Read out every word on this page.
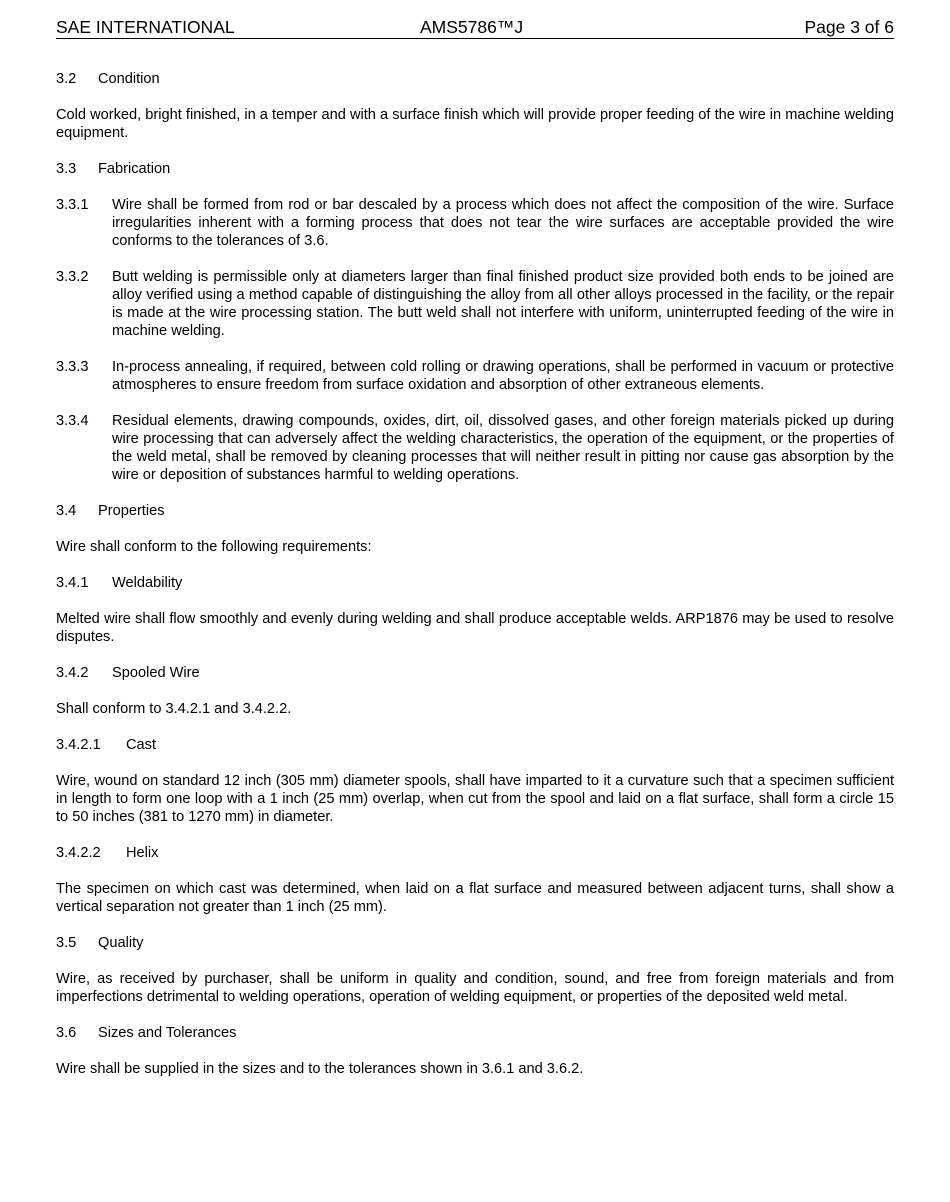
SAE INTERNATIONAL	AMS5786™J	Page 3 of 6
3.2 Condition

Cold worked, bright finished, in a temper and with a surface finish which will provide proper feeding of the wire in machine welding equipment.

3.3 Fabrication
3.3.1 Wire shall be formed from rod or bar descaled by a process which does not affect the composition of the wire. Surface irregularities inherent with a forming process that does not tear the wire surfaces are acceptable provided the wire conforms to the tolerances of 3.6.
3.3.2 Butt welding is permissible only at diameters larger than final finished product size provided both ends to be joined are alloy verified using a method capable of distinguishing the alloy from all other alloys processed in the facility, or the repair is made at the wire processing station. The butt weld shall not interfere with uniform, uninterrupted feeding of the wire in machine welding.
3.3.3 In-process annealing, if required, between cold rolling or drawing operations, shall be performed in vacuum or protective atmospheres to ensure freedom from surface oxidation and absorption of other extraneous elements.
3.3.4 Residual elements, drawing compounds, oxides, dirt, oil, dissolved gases, and other foreign materials picked up during wire processing that can adversely affect the welding characteristics, the operation of the equipment, or the properties of the weld metal, shall be removed by cleaning processes that will neither result in pitting nor cause gas absorption by the wire or deposition of substances harmful to welding operations.
3.4 Properties

Wire shall conform to the following requirements:

3.4.1 Weldability

Melted wire shall flow smoothly and evenly during welding and shall produce acceptable welds. ARP1876 may be used to resolve disputes.

3.4.2 Spooled Wire

Shall conform to 3.4.2.1 and 3.4.2.2.

3.4.2.1 Cast

Wire, wound on standard 12 inch (305 mm) diameter spools, shall have imparted to it a curvature such that a specimen sufficient in length to form one loop with a 1 inch (25 mm) overlap, when cut from the spool and laid on a flat surface, shall form a circle 15 to 50 inches (381 to 1270 mm) in diameter.

3.4.2.2 Helix

The specimen on which cast was determined, when laid on a flat surface and measured between adjacent turns, shall show a vertical separation not greater than 1 inch (25 mm).

3.5 Quality

Wire, as received by purchaser, shall be uniform in quality and condition, sound, and free from foreign materials and from imperfections detrimental to welding operations, operation of welding equipment, or properties of the deposited weld metal.

3.6 Sizes and Tolerances

Wire shall be supplied in the sizes and to the tolerances shown in 3.6.1 and 3.6.2.
